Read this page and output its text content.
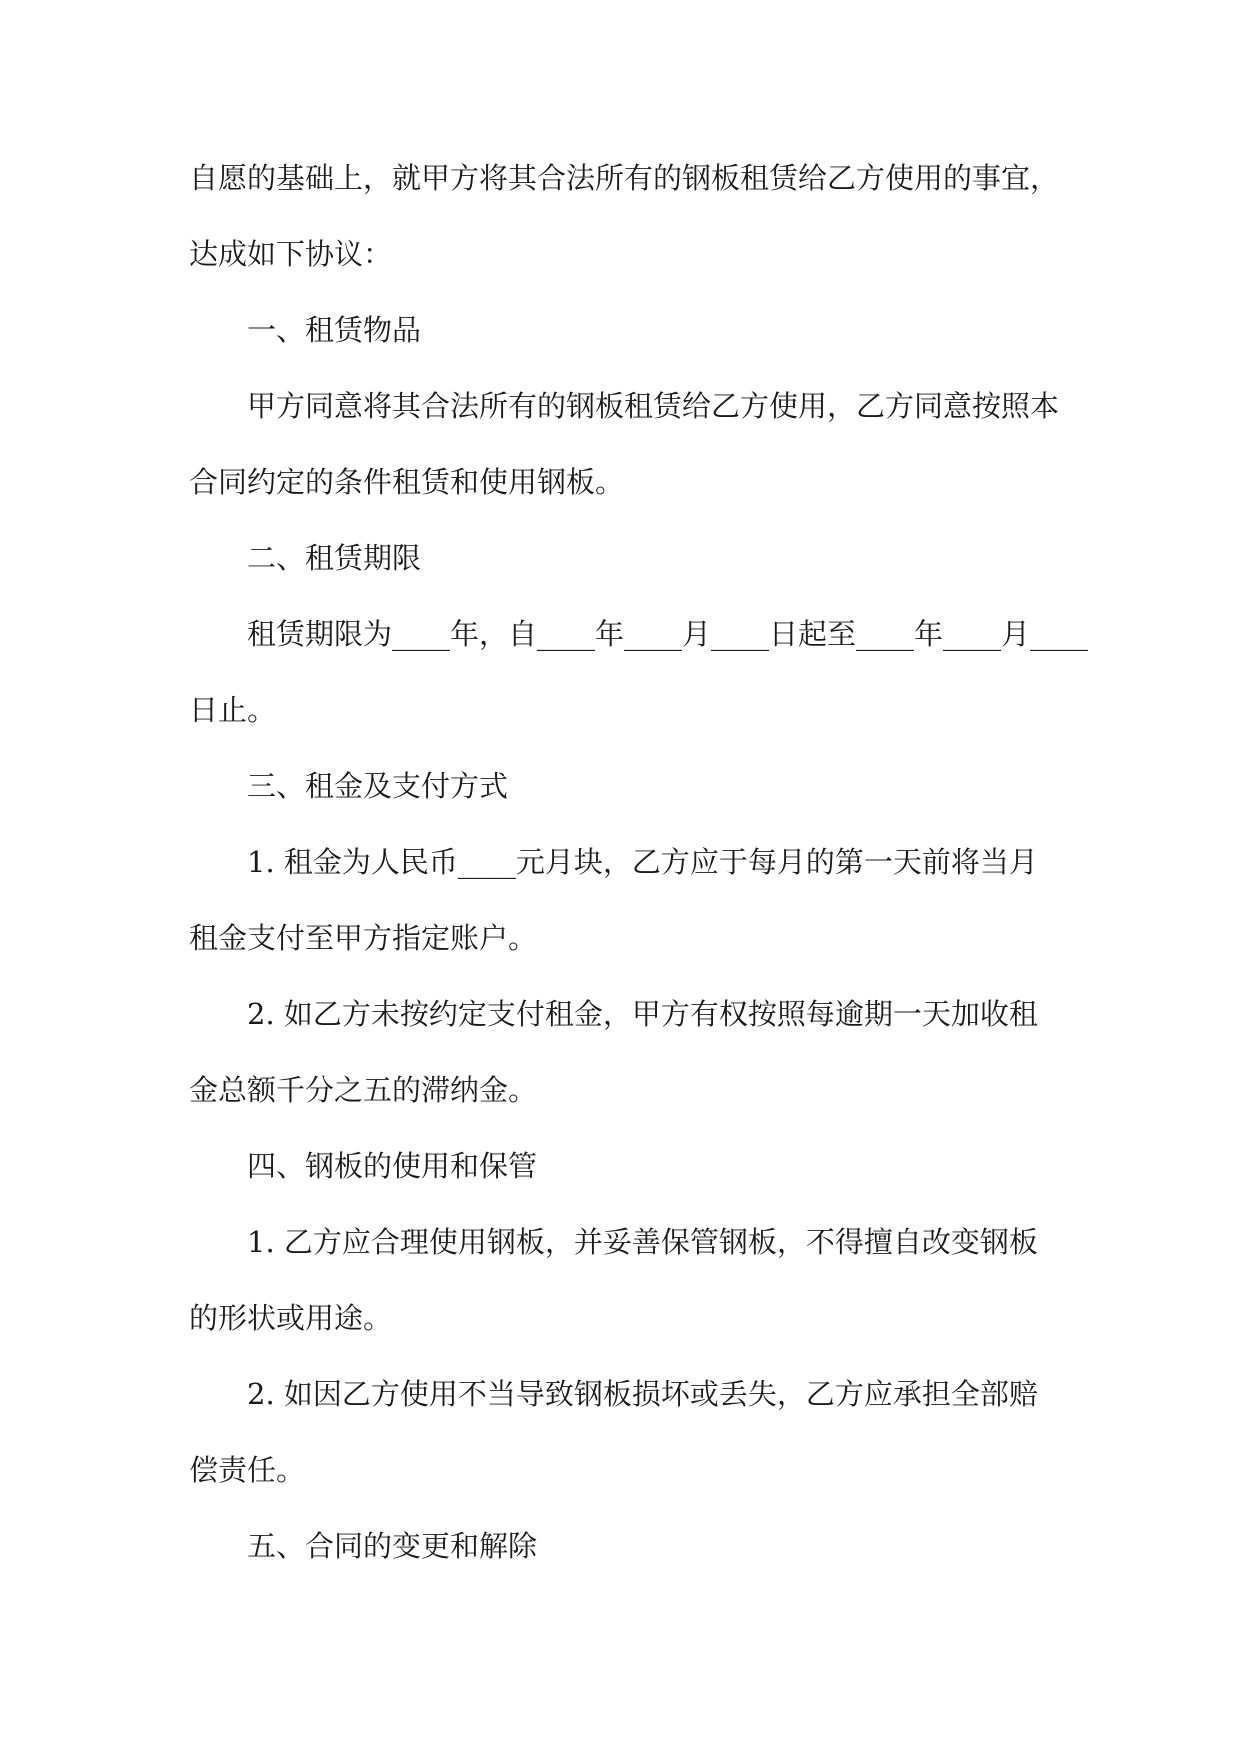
自愿的基础上，就甲方将其合法所有的钢板租赁给乙方使用的事宜，

达成如下协议：

一、租赁物品

甲方同意将其合法所有的钢板租赁给乙方使用，乙方同意按照本

合同约定的条件租赁和使用钢板。

二、租赁期限

租赁期限为____年，自____年____月____日起至____年____月____

日止。

三、租金及支付方式

1. 租金为人民币____元月块，乙方应于每月的第一天前将当月

租金支付至甲方指定账户。

2. 如乙方未按约定支付租金，甲方有权按照每逾期一天加收租

金总额千分之五的滞纳金。

四、钢板的使用和保管

1. 乙方应合理使用钢板，并妥善保管钢板，不得擅自改变钢板

的形状或用途。

2. 如因乙方使用不当导致钢板损坏或丢失，乙方应承担全部赔

偿责任。

五、合同的变更和解除
